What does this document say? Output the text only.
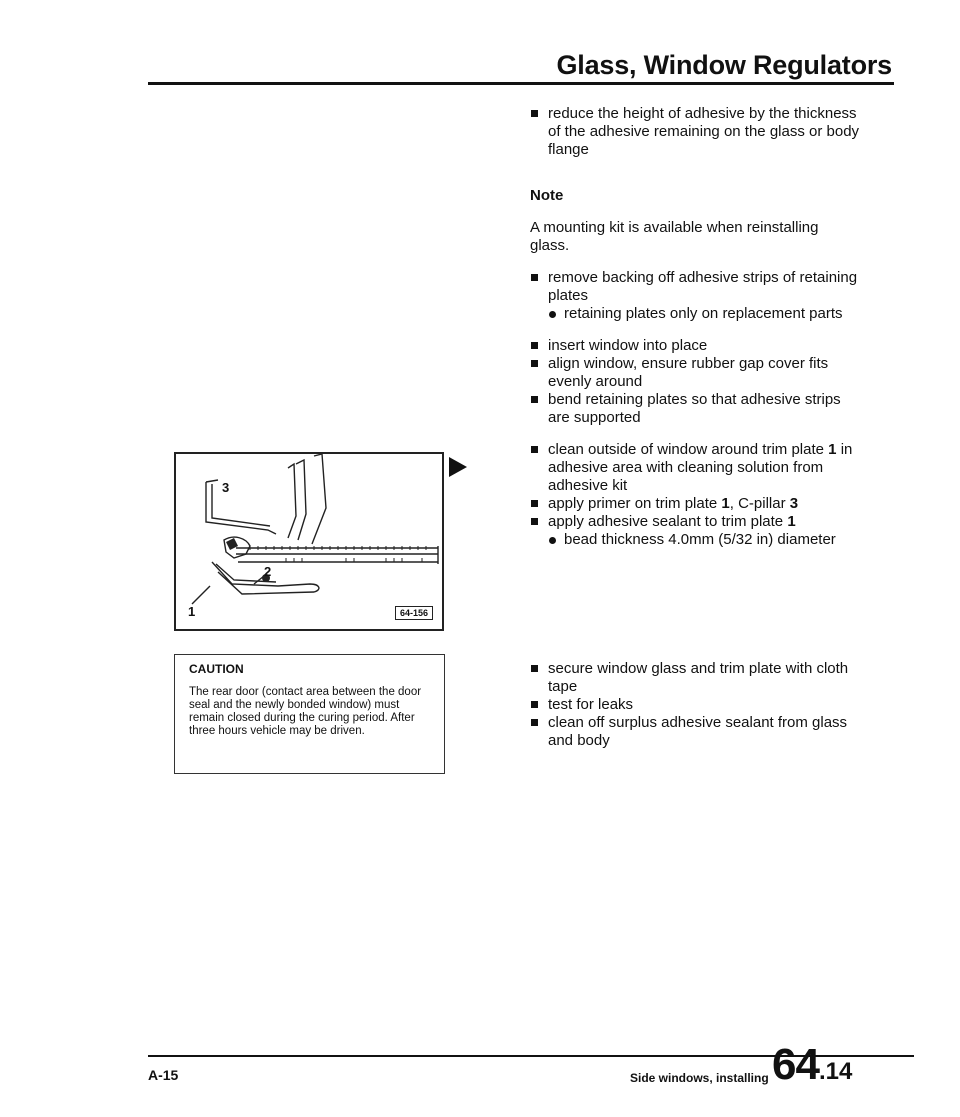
Glass, Window Regulators
reduce the height of adhesive by the thickness of the adhesive remaining on the glass or body flange
Note
A mounting kit is available when reinstalling glass.
remove backing off adhesive strips of retaining plates
retaining plates only on replacement parts
insert window into place
align window, ensure rubber gap cover fits evenly around
bend retaining plates so that adhesive strips are supported
clean outside of window around trim plate 1 in adhesive area with cleaning solution from adhesive kit
apply primer on trim plate 1, C-pillar 3
apply adhesive sealant to trim plate 1
bead thickness 4.0mm (5/32 in) diameter
secure window glass and trim plate with cloth tape
test for leaks
clean off surplus adhesive sealant from glass and body
3
2
1	64-156
CAUTION
The rear door (contact area between the door seal and the newly bonded window) must remain closed during the curing period. After three hours vehicle may be driven.
A-15	Side windows, installing 64.14
